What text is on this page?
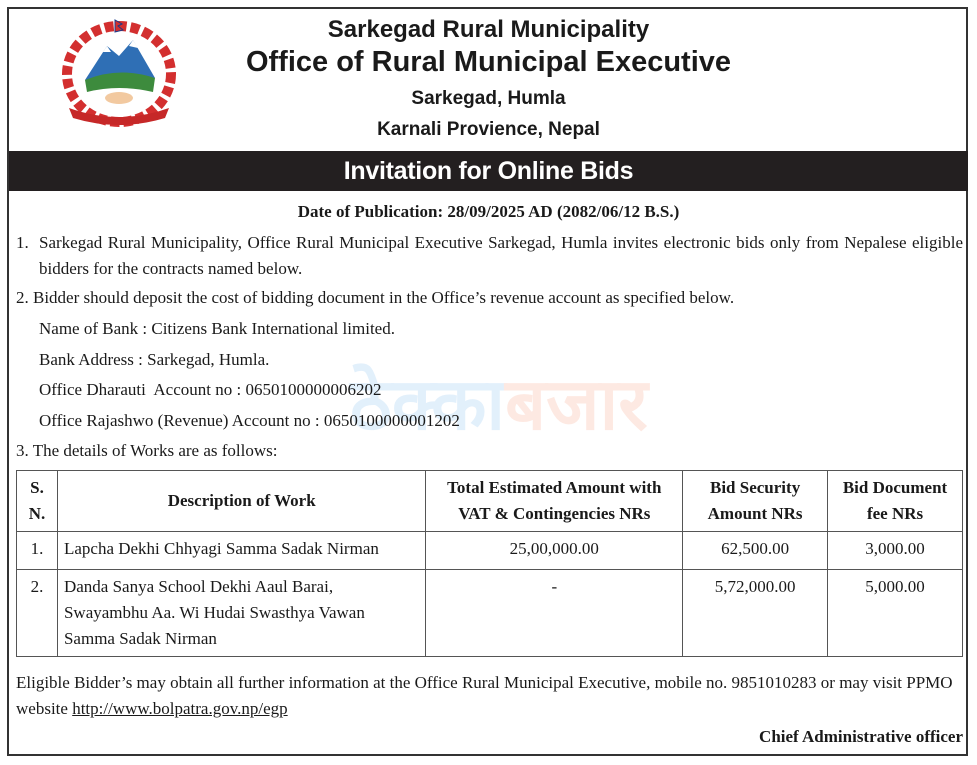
Sarkegad Rural Municipality
Office of Rural Municipal Executive
Sarkegad, Humla
Karnali Provience, Nepal
Invitation for Online Bids
Date of Publication: 28/09/2025 AD (2082/06/12 B.S.)
ठेक्काबजार
1. Sarkegad Rural Municipality, Office Rural Municipal Executive Sarkegad, Humla invites electronic bids only from Nepalese eligible bidders for the contracts named below.
2. Bidder should deposit the cost of bidding document in the Office’s revenue account as specified below.
Name of Bank : Citizens Bank International limited.
Bank Address : Sarkegad, Humla.
Office Dharauti  Account no : 0650100000006202
Office Rajashwo (Revenue) Account no : 0650100000001202
3. The details of Works are as follows:
S. N.	Description of Work	Total Estimated Amount with VAT & Contingencies NRs	Bid Security Amount NRs	Bid Document fee NRs
1.	Lapcha Dekhi Chhyagi Samma Sadak Nirman	25,00,000.00	62,500.00	3,000.00
2.	Danda Sanya School Dekhi Aaul Barai, Swayambhu Aa. Wi Hudai Swasthya Vawan Samma Sadak Nirman	-	5,72,000.00	5,000.00
Eligible Bidder’s may obtain all further information at the Office Rural Municipal Executive, mobile no. 9851010283 or may visit PPMO website http://www.bolpatra.gov.np/egp
Chief Administrative officer
